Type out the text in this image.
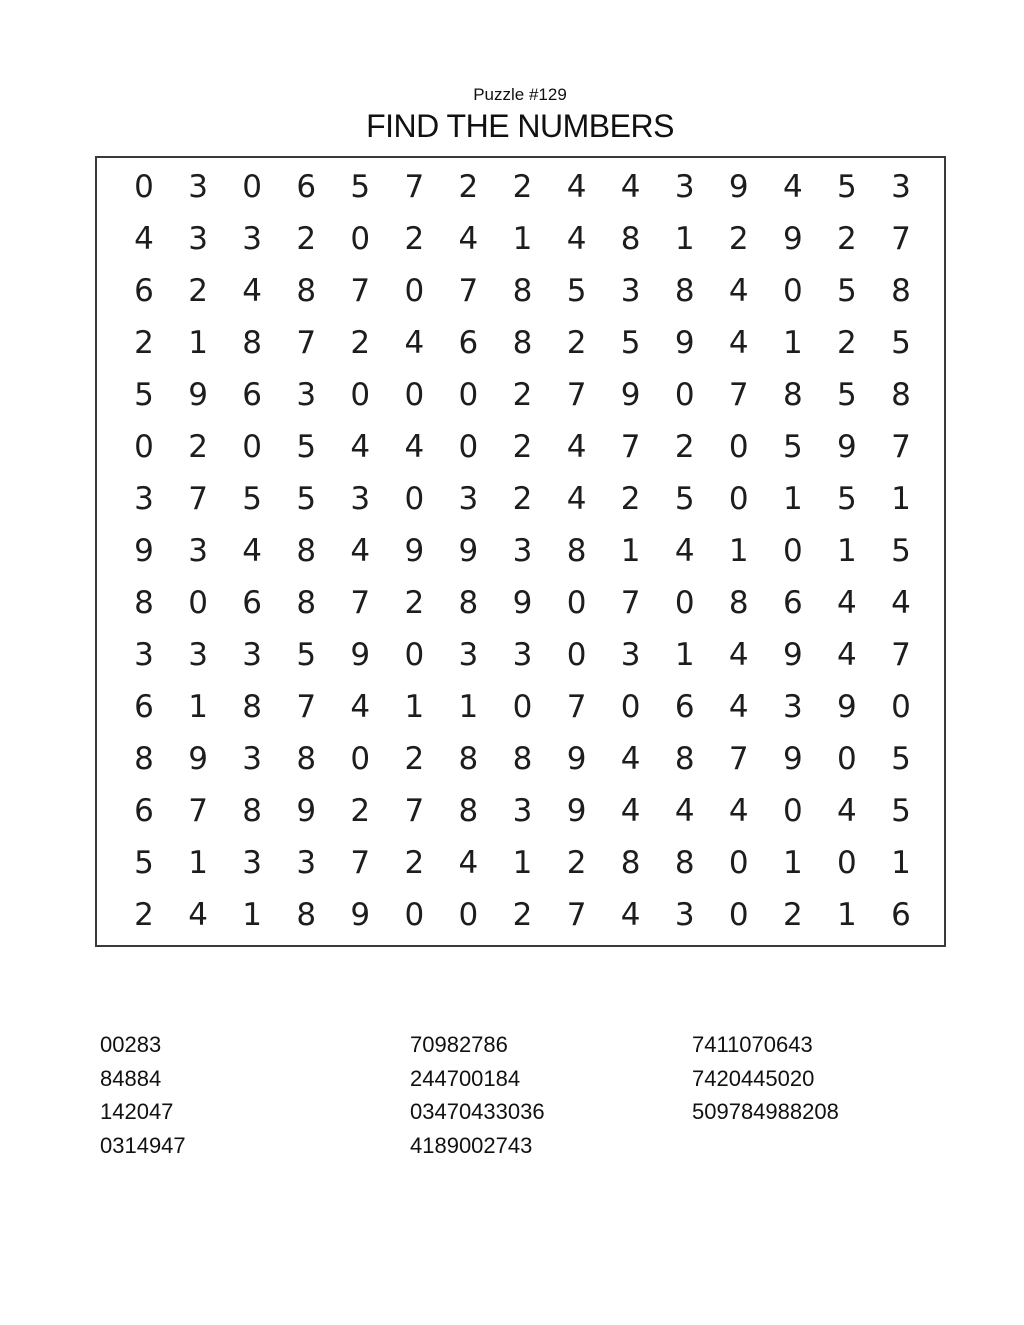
Puzzle #129
FIND THE NUMBERS
0	3	0	6	5	7	2	2	4	4	3	9	4	5	3
4	3	3	2	0	2	4	1	4	8	1	2	9	2	7
6	2	4	8	7	0	7	8	5	3	8	4	0	5	8
2	1	8	7	2	4	6	8	2	5	9	4	1	2	5
5	9	6	3	0	0	0	2	7	9	0	7	8	5	8
0	2	0	5	4	4	0	2	4	7	2	0	5	9	7
3	7	5	5	3	0	3	2	4	2	5	0	1	5	1
9	3	4	8	4	9	9	3	8	1	4	1	0	1	5
8	0	6	8	7	2	8	9	0	7	0	8	6	4	4
3	3	3	5	9	0	3	3	0	3	1	4	9	4	7
6	1	8	7	4	1	1	0	7	0	6	4	3	9	0
8	9	3	8	0	2	8	8	9	4	8	7	9	0	5
6	7	8	9	2	7	8	3	9	4	4	4	0	4	5
5	1	3	3	7	2	4	1	2	8	8	0	1	0	1
2	4	1	8	9	0	0	2	7	4	3	0	2	1	6
00283
84884
142047
0314947
70982786
244700184
03470433036
4189002743
7411070643
7420445020
509784988208
